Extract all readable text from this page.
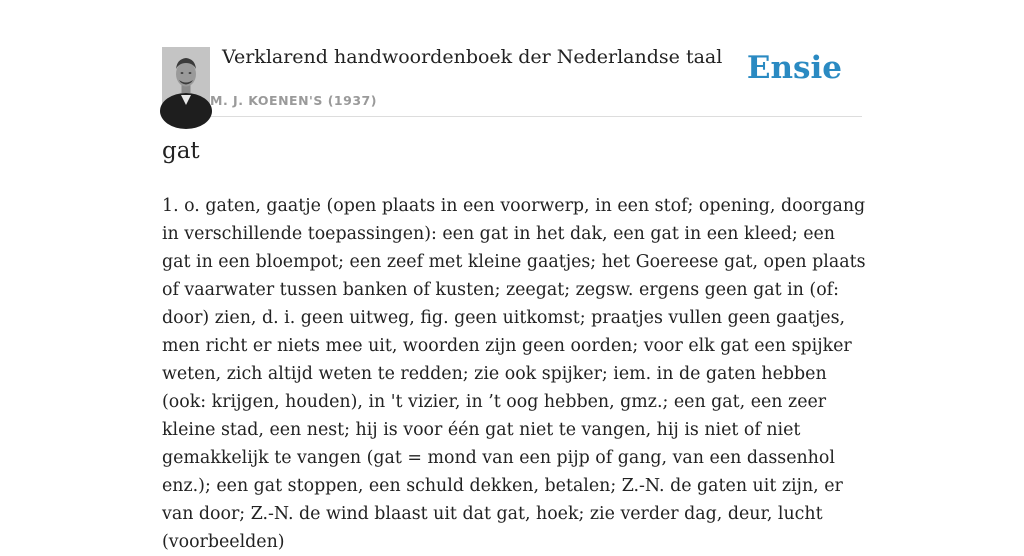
Verklarend handwoordenboek der Nederlandse taal
M. J. KOENEN'S (1937)
Ensie
gat

1. o. gaten, gaatje (open plaats in een voorwerp, in een stof; opening, doorgang in verschillende toepassingen): een gat in het dak, een gat in een kleed; een gat in een bloempot; een zeef met kleine gaatjes; het Goereese gat, open plaats of vaarwater tussen banken of kusten; zeegat; zegsw. ergens geen gat in (of: door) zien, d. i. geen uitweg, fig. geen uitkomst; praatjes vullen geen gaatjes, men richt er niets mee uit, woorden zijn geen oorden; voor elk gat een spijker weten, zich altijd weten te redden; zie ook spijker; iem. in de gaten hebben (ook: krijgen, houden), in 't vizier, in ’t oog hebben, gmz.; een gat, een zeer kleine stad, een nest; hij is voor één gat niet te vangen, hij is niet of niet gemakkelijk te vangen (gat = mond van een pijp of gang, van een dassenhol enz.); een gat stoppen, een schuld dekken, betalen; Z.-N. de gaten uit zijn, er van door; Z.-N. de wind blaast uit dat gat, hoek; zie verder dag, deur, lucht (voorbeelden)
